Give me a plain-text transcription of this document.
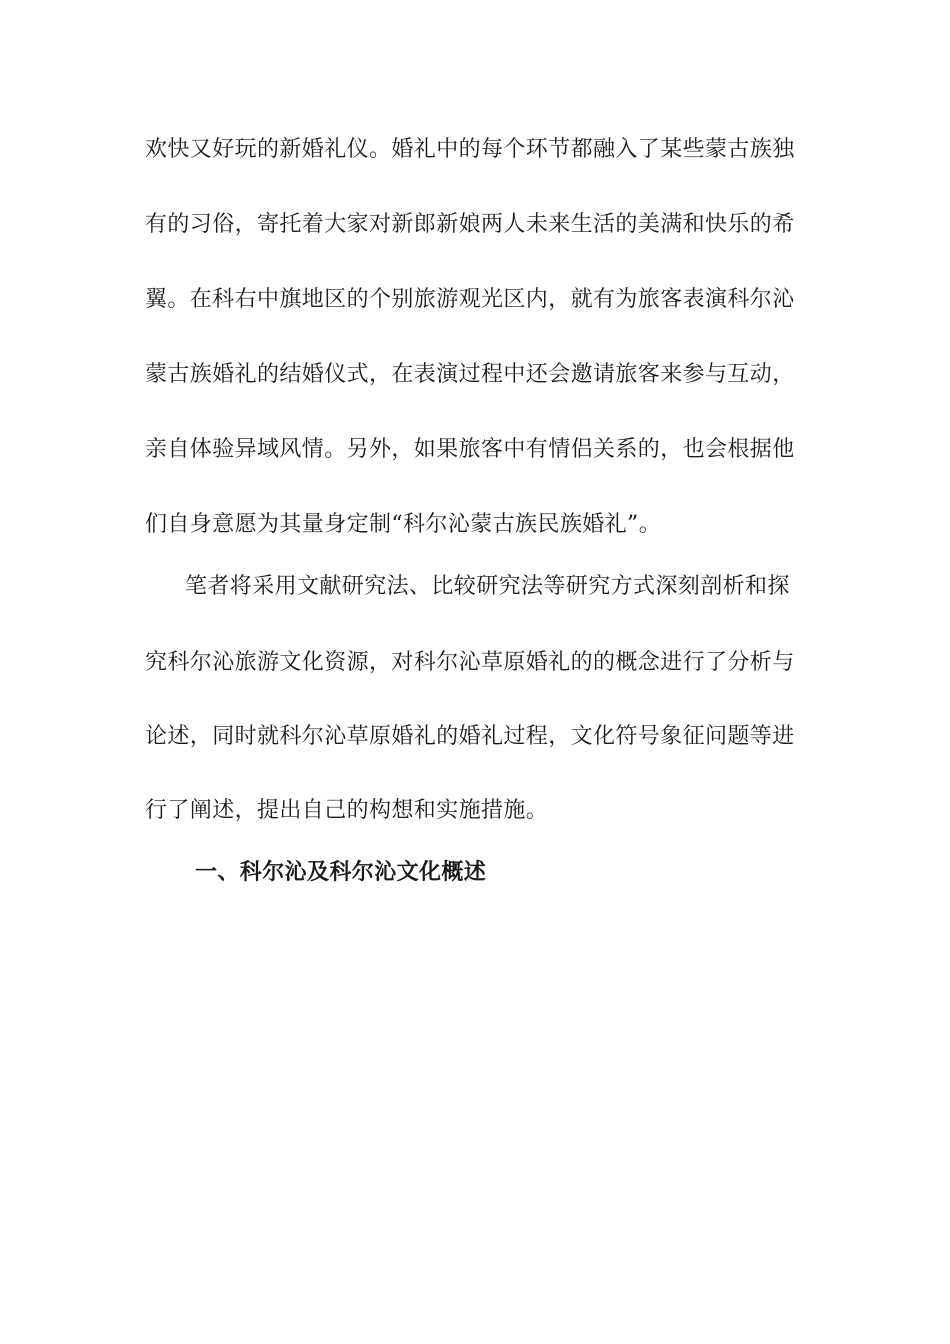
欢快又好玩的新婚礼仪。婚礼中的每个环节都融入了某些蒙古族独
有的习俗，寄托着大家对新郎新娘两人未来生活的美满和快乐的希
翼。在科右中旗地区的个别旅游观光区内，就有为旅客表演科尔沁
蒙古族婚礼的结婚仪式，在表演过程中还会邀请旅客来参与互动，
亲自体验异域风情。另外，如果旅客中有情侣关系的，也会根据他
们自身意愿为其量身定制“科尔沁蒙古族民族婚礼”。
笔者将采用文献研究法、比较研究法等研究方式深刻剖析和探
究科尔沁旅游文化资源，对科尔沁草原婚礼的的概念进行了分析与
论述，同时就科尔沁草原婚礼的婚礼过程，文化符号象征问题等进
行了阐述，提出自己的构想和实施措施。
一、科尔沁及科尔沁文化概述
